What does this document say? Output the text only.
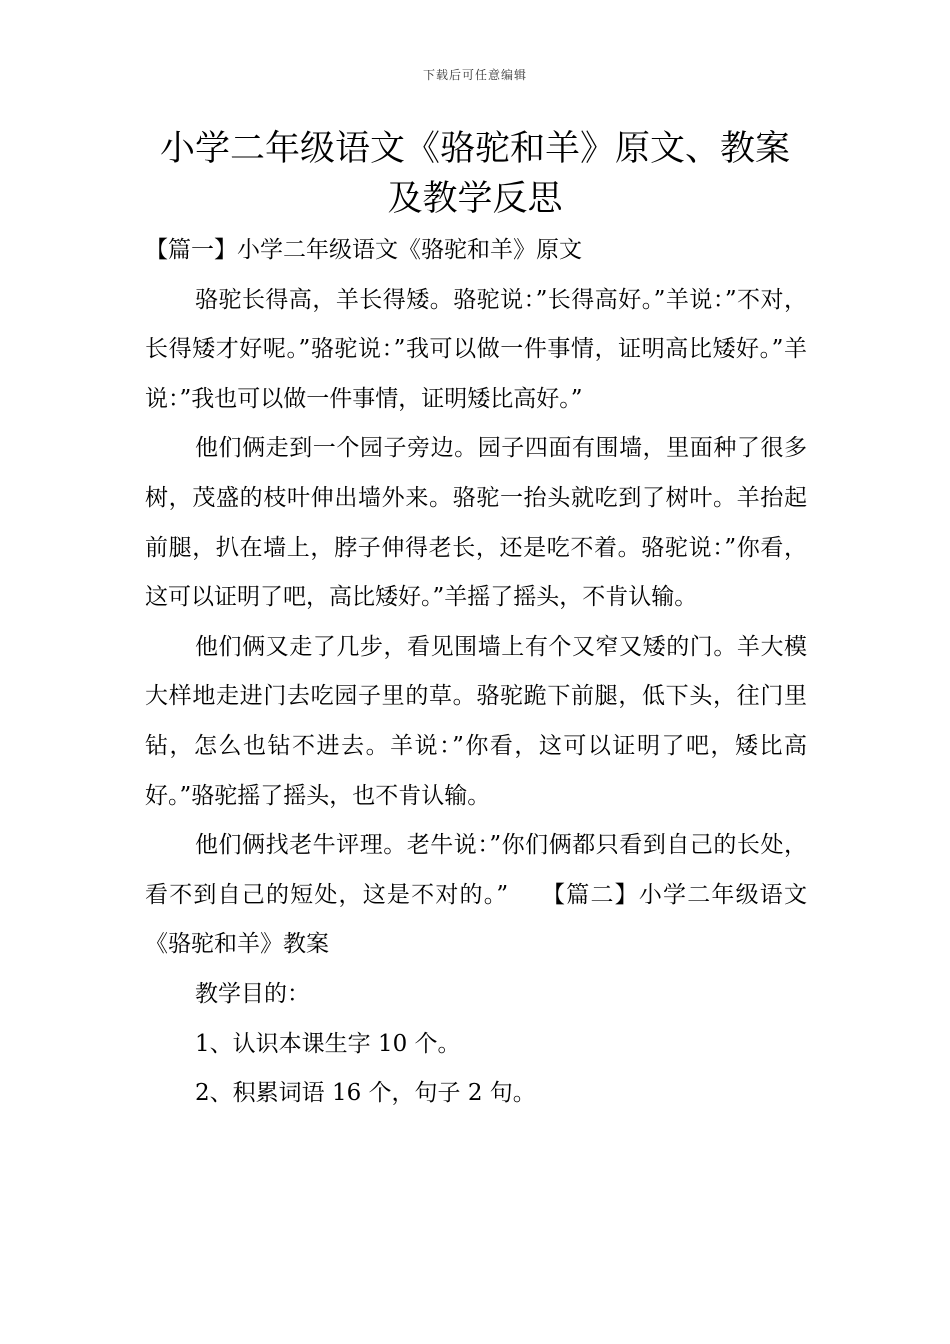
下载后可任意编辑
小学二年级语文《骆驼和羊》原文、教案及教学反思

【篇一】小学二年级语文《骆驼和羊》原文

骆驼长得高，羊长得矮。骆驼说：”长得高好。”羊说：”不对，长得矮才好呢。”骆驼说：”我可以做一件事情，证明高比矮好。”羊说：”我也可以做一件事情，证明矮比高好。”

他们俩走到一个园子旁边。园子四面有围墙，里面种了很多树，茂盛的枝叶伸出墙外来。骆驼一抬头就吃到了树叶。羊抬起前腿，扒在墙上，脖子伸得老长，还是吃不着。骆驼说：”你看，这可以证明了吧，高比矮好。”羊摇了摇头，不肯认输。

他们俩又走了几步，看见围墙上有个又窄又矮的门。羊大模大样地走进门去吃园子里的草。骆驼跪下前腿，低下头，往门里钻，怎么也钻不进去。羊说：”你看，这可以证明了吧，矮比高好。”骆驼摇了摇头，也不肯认输。

他们俩找老牛评理。老牛说：”你们俩都只看到自己的长处，看不到自己的短处，这是不对的。”　 【篇二】小学二年级语文《骆驼和羊》教案

教学目的：

1、认识本课生字 10 个。

2、积累词语 16 个，句子 2 句。
